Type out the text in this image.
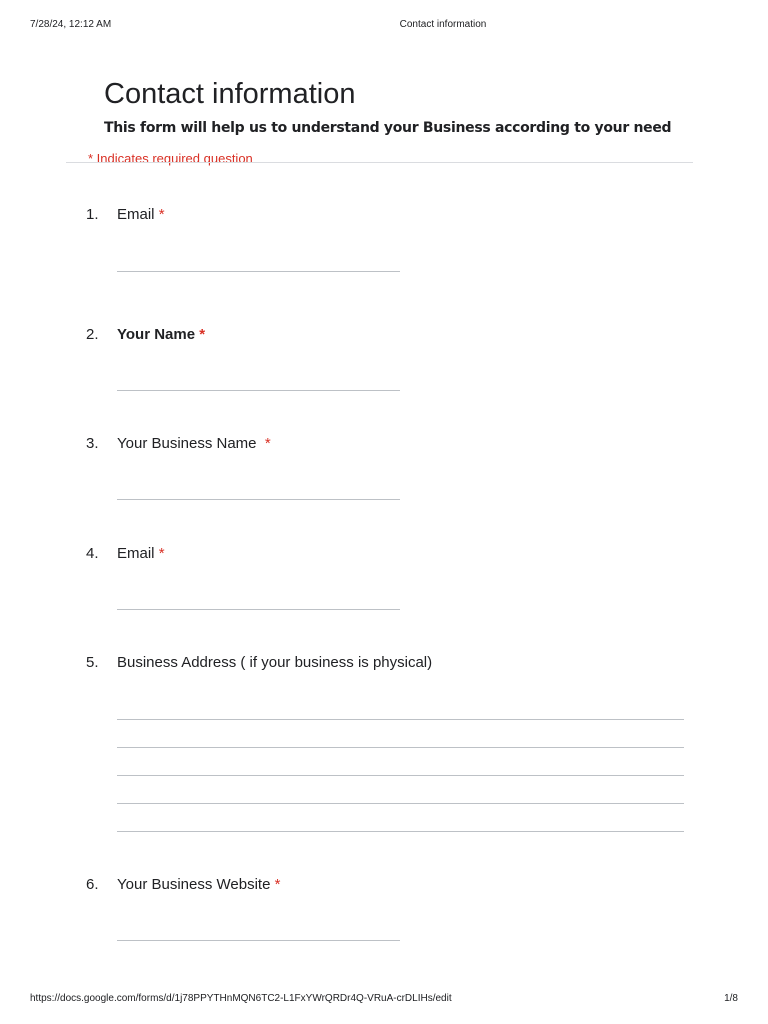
7/28/24, 12:12 AM	Contact information
Contact information

This form will help us to understand your Business according to your need

* Indicates required question
1. Email *
2. Your Name *
3. Your Business Name  *
4. Email *
5. Business Address ( if your business is physical)
6. Your Business Website *
https://docs.google.com/forms/d/1j78PPYTHnMQN6TC2-L1FxYWrQRDr4Q-VRuA-crDLIHs/edit	1/8
